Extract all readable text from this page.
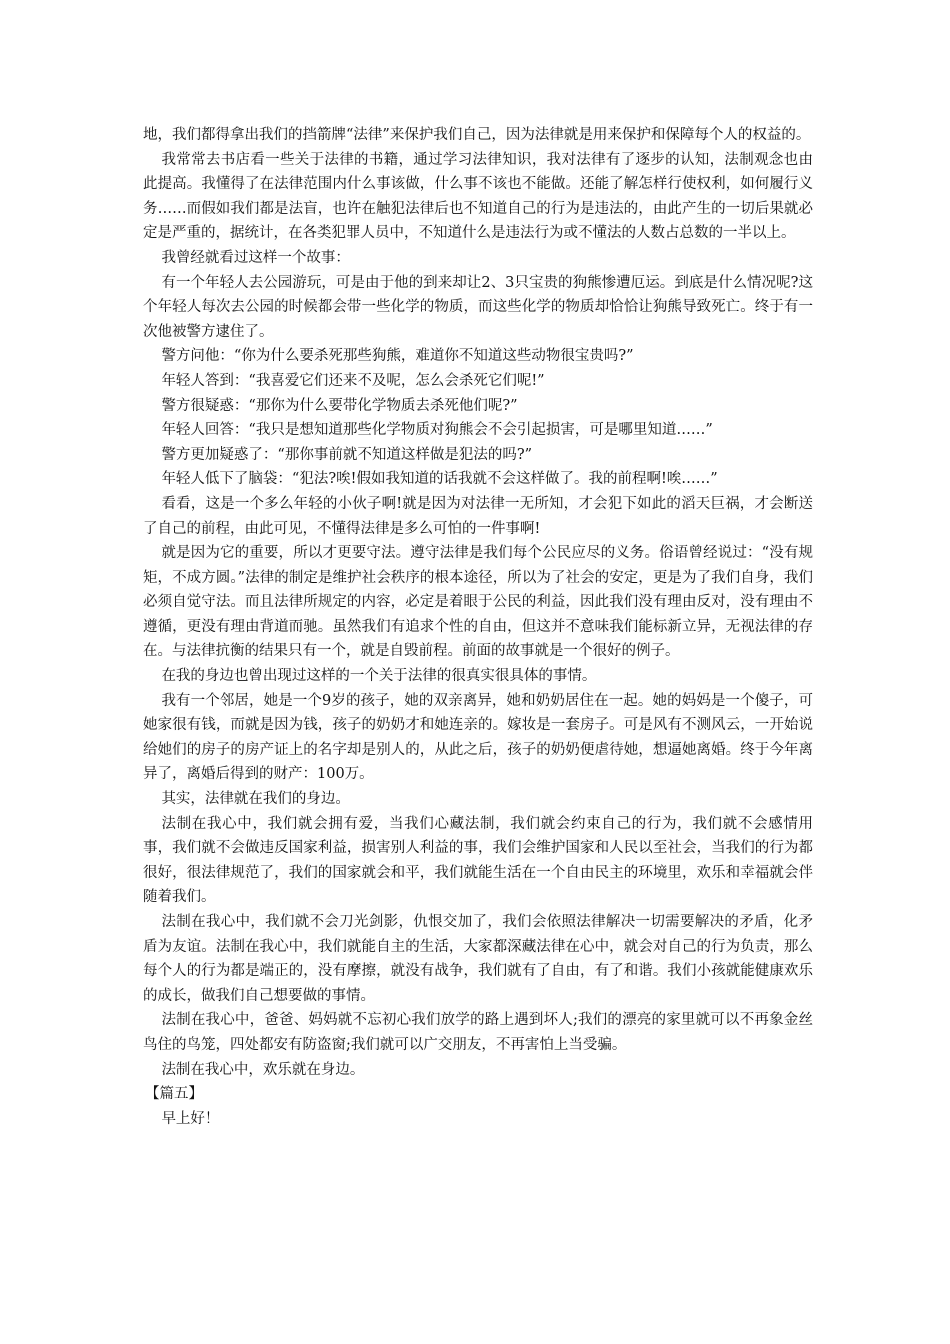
地，我们都得拿出我们的挡箭牌“法律”来保护我们自己，因为法律就是用来保护和保障每个人的权益的。

我常常去书店看一些关于法律的书籍，通过学习法律知识，我对法律有了逐步的认知，法制观念也由此提高。我懂得了在法律范围内什么事该做，什么事不该也不能做。还能了解怎样行使权利，如何履行义务……而假如我们都是法盲，也许在触犯法律后也不知道自己的行为是违法的，由此产生的一切后果就必定是严重的，据统计，在各类犯罪人员中，不知道什么是违法行为或不懂法的人数占总数的一半以上。

我曾经就看过这样一个故事：

有一个年轻人去公园游玩，可是由于他的到来却让2、3只宝贵的狗熊惨遭厄运。到底是什么情况呢?这个年轻人每次去公园的时候都会带一些化学的物质，而这些化学的物质却恰恰让狗熊导致死亡。终于有一次他被警方逮住了。

警方问他：“你为什么要杀死那些狗熊，难道你不知道这些动物很宝贵吗?”

年轻人答到：“我喜爱它们还来不及呢，怎么会杀死它们呢!”

警方很疑惑：“那你为什么要带化学物质去杀死他们呢?”

年轻人回答：“我只是想知道那些化学物质对狗熊会不会引起损害，可是哪里知道……”

警方更加疑惑了：“那你事前就不知道这样做是犯法的吗?”

年轻人低下了脑袋：“犯法?唉!假如我知道的话我就不会这样做了。我的前程啊!唉……”

看看，这是一个多么年轻的小伙子啊!就是因为对法律一无所知，才会犯下如此的滔天巨祸，才会断送了自己的前程，由此可见，不懂得法律是多么可怕的一件事啊!

就是因为它的重要，所以才更要守法。遵守法律是我们每个公民应尽的义务。俗语曾经说过：“没有规矩，不成方圆。”法律的制定是维护社会秩序的根本途径，所以为了社会的安定，更是为了我们自身，我们必须自觉守法。而且法律所规定的内容，必定是着眼于公民的利益，因此我们没有理由反对，没有理由不遵循，更没有理由背道而驰。虽然我们有追求个性的自由，但这并不意味我们能标新立异，无视法律的存在。与法律抗衡的结果只有一个，就是自毁前程。前面的故事就是一个很好的例子。

在我的身边也曾出现过这样的一个关于法律的很真实很具体的事情。

我有一个邻居，她是一个9岁的孩子，她的双亲离异，她和奶奶居住在一起。她的妈妈是一个傻子，可她家很有钱，而就是因为钱，孩子的奶奶才和她连亲的。嫁妆是一套房子。可是风有不测风云，一开始说给她们的房子的房产证上的名字却是别人的，从此之后，孩子的奶奶便虐待她，想逼她离婚。终于今年离异了，离婚后得到的财产：100万。

其实，法律就在我们的身边。

法制在我心中，我们就会拥有爱，当我们心藏法制，我们就会约束自己的行为，我们就不会感情用事，我们就不会做违反国家利益，损害别人利益的事，我们会维护国家和人民以至社会，当我们的行为都很好，很法律规范了，我们的国家就会和平，我们就能生活在一个自由民主的环境里，欢乐和幸福就会伴随着我们。

法制在我心中，我们就不会刀光剑影，仇恨交加了，我们会依照法律解决一切需要解决的矛盾，化矛盾为友谊。法制在我心中，我们就能自主的生活，大家都深藏法律在心中，就会对自己的行为负责，那么每个人的行为都是端正的，没有摩擦，就没有战争，我们就有了自由，有了和谐。我们小孩就能健康欢乐的成长，做我们自己想要做的事情。

法制在我心中，爸爸、妈妈就不忘初心我们放学的路上遇到坏人;我们的漂亮的家里就可以不再象金丝鸟住的鸟笼，四处都安有防盗窗;我们就可以广交朋友，不再害怕上当受骗。

法制在我心中，欢乐就在身边。

【篇五】

早上好！
